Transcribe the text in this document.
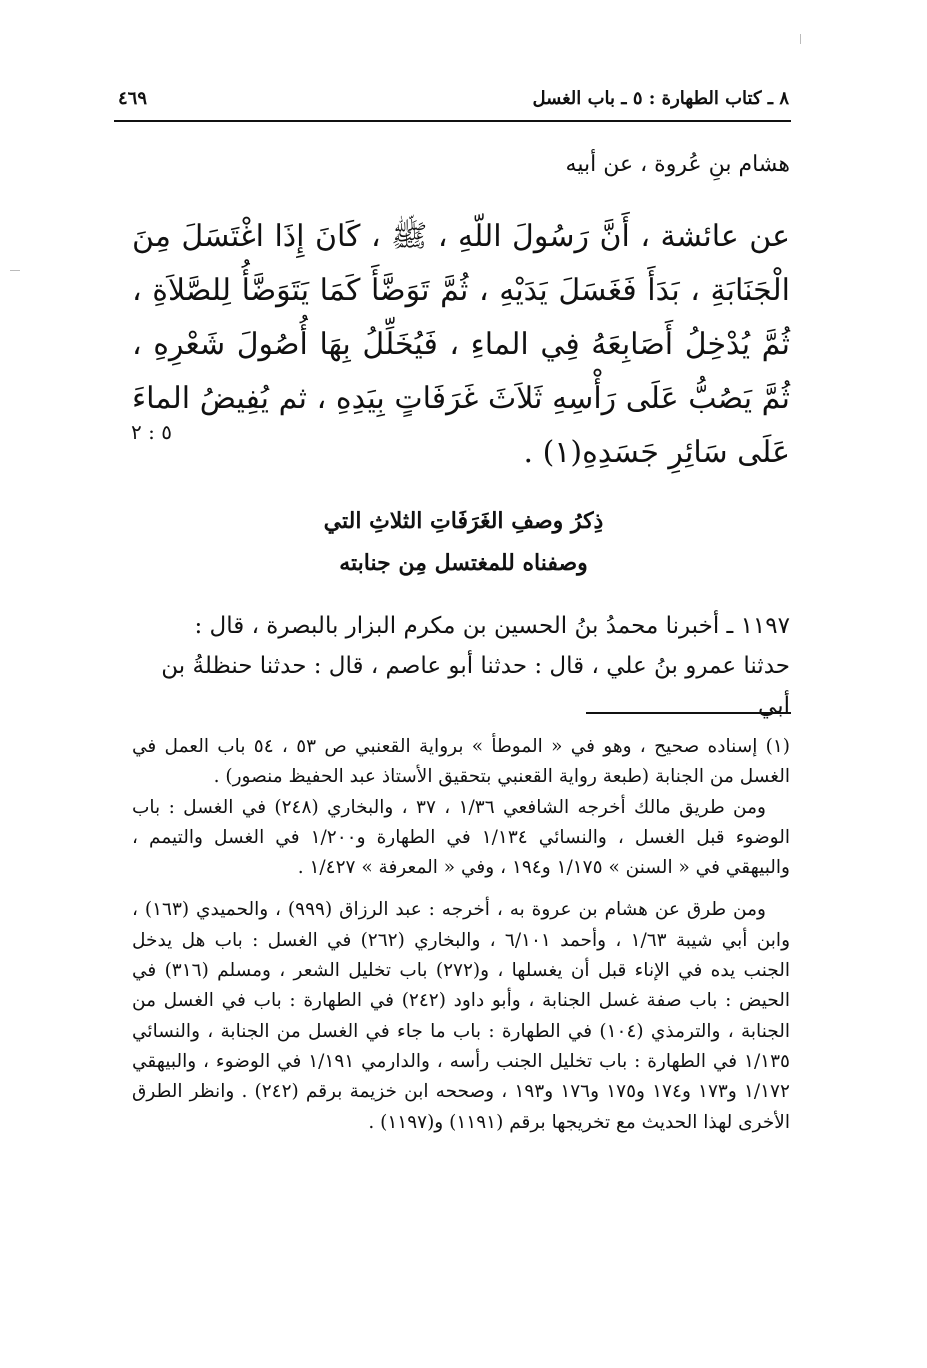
٨ ـ كتاب الطهارة : ٥ ـ باب الغسل
٤٦٩
هشام بنِ عُروة ، عن أبيه

عن عائشة ، أَنَّ رَسُولَ اللّهِ ، ﷺ ، كَانَ إِذَا اغْتَسَلَ مِنَ الْجَنَابَةِ ، بَدَأَ فَغَسَلَ يَدَيْهِ ، ثُمَّ تَوَضَّأَ كَمَا يَتَوَضَّأُ لِلصَّلاَةِ ، ثُمَّ يُدْخِلُ أَصَابِعَهُ فِي الماءِ ، فَيُخَلِّلُ بِهَا أُصُولَ شَعْرِهِ ، ثُمَّ يَصُبُّ عَلَى رَأْسِهِ ثَلاَثَ غَرَفَاتٍ بِيَدِهِ ، ثم يُفِيضُ الماءَ عَلَى سَائِرِ جَسَدِهِ(١) .

٥ : ٢
ذِكرُ وصفِ الغَرَفَاتِ الثلاثِ التي
وصفناه للمغتسل مِن جنابته
١١٩٧ ـ أخبرنا محمدُ بنُ الحسين بن مكرم البزار بالبصرة ، قال :
حدثنا عمرو بنُ علي ، قال : حدثنا أبو عاصم ، قال : حدثنا حنظلةُ بن أبي

(١) إسناده صحيح ، وهو في « الموطأ » برواية القعنبي ص ٥٣ ، ٥٤ باب العمل في الغسل من الجنابة (طبعة رواية القعنبي بتحقيق الأستاذ عبد الحفيظ منصور) .

ومن طريق مالك أخرجه الشافعي ١/٣٦ ، ٣٧ ، والبخاري (٢٤٨) في الغسل : باب الوضوء قبل الغسل ، والنسائي ١/١٣٤ في الطهارة و١/٢٠٠ في الغسل والتيمم ، والبيهقي في « السنن » ١/١٧٥ و١٩٤ ، وفي « المعرفة » ١/٤٢٧ .

ومن طرق عن هشام بن عروة به ، أخرجه : عبد الرزاق (٩٩٩) ، والحميدي (١٦٣) ، وابن أبي شيبة ١/٦٣ ، وأحمد ٦/١٠١ ، والبخاري (٢٦٢) في الغسل : باب هل يدخل الجنب يده في الإناء قبل أن يغسلها ، و(٢٧٢) باب تخليل الشعر ، ومسلم (٣١٦) في الحيض : باب صفة غسل الجنابة ، وأبو داود (٢٤٢) في الطهارة : باب في الغسل من الجنابة ، والترمذي (١٠٤) في الطهارة : باب ما جاء في الغسل من الجنابة ، والنسائي ١/١٣٥ في الطهارة : باب تخليل الجنب رأسه ، والدارمي ١/١٩١ في الوضوء ، والبيهقي ١/١٧٢ و١٧٣ و١٧٤ و١٧٥ و١٧٦ و١٩٣ ، وصححه ابن خزيمة برقم (٢٤٢) . وانظر الطرق الأخرى لهذا الحديث مع تخريجها برقم (١١٩١) و(١١٩٧) .
